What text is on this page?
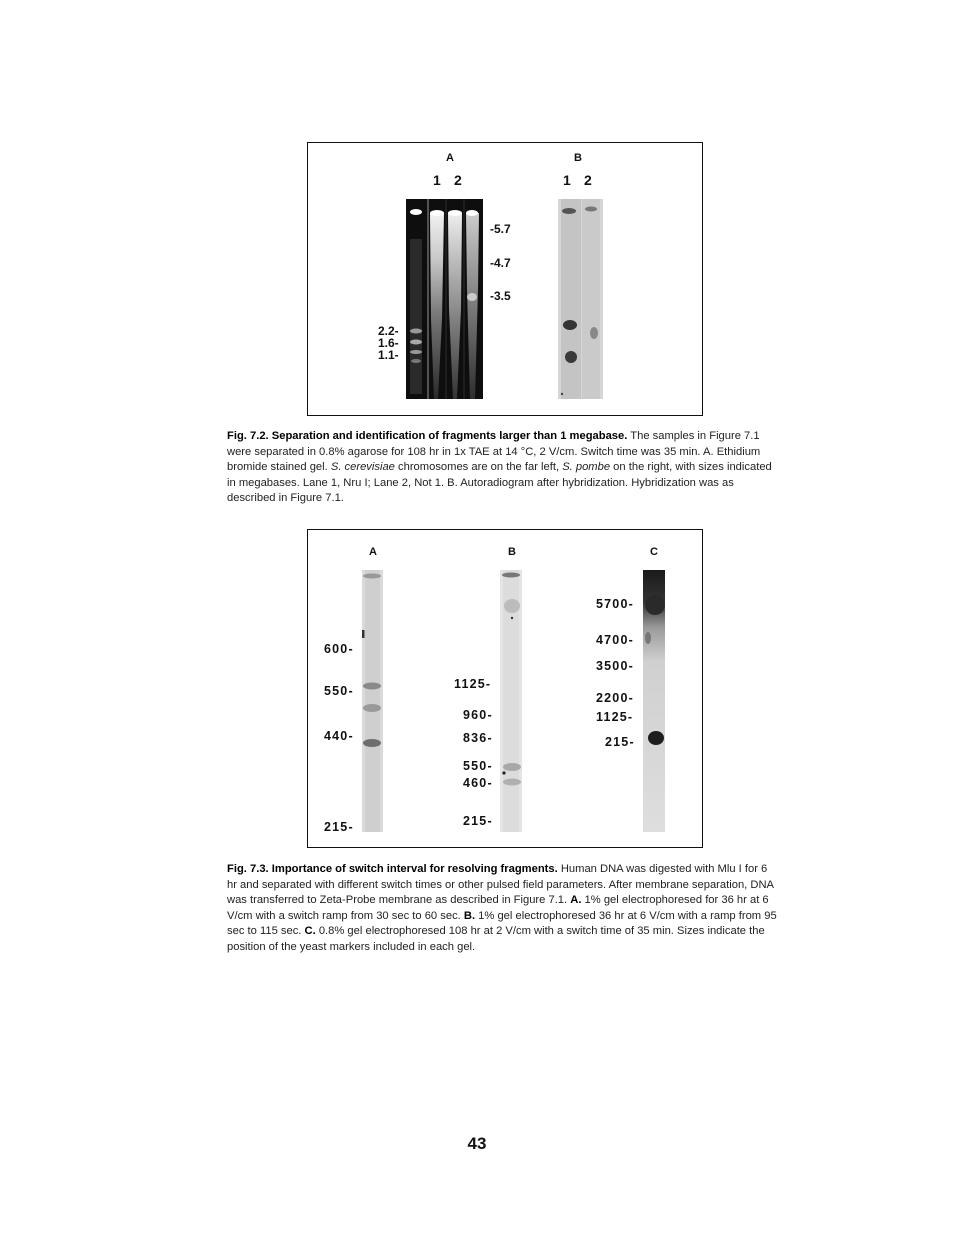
A	B
1 2	1 2
-5.7
-4.7
-3.5
2.2-
1.6-
1.1-
Fig. 7.2. Separation and identification of fragments larger than 1 megabase. The samples in Figure 7.1 were separated in 0.8% agarose for 108 hr in 1x TAE at 14 °C, 2 V/cm. Switch time was 35 min. A. Ethidium bromide stained gel. S. cerevisiae chromosomes are on the far left, S. pombe on the right, with sizes indicated in megabases. Lane 1, Nru I; Lane 2, Not 1. B. Autoradiogram after hybridization. Hybridization was as described in Figure 7.1.
A	B	C
600-
550-
440-
215-
1125-
960-
836-
550-
460-
215-
5700-
4700-
3500-
2200-
1125-
215-
Fig. 7.3. Importance of switch interval for resolving fragments. Human DNA was digested with Mlu I for 6 hr and separated with different switch times or other pulsed field parameters. After membrane separation, DNA was transferred to Zeta-Probe membrane as described in Figure 7.1. A. 1% gel electrophoresed for 36 hr at 6 V/cm with a switch ramp from 30 sec to 60 sec. B. 1% gel electrophoresed 36 hr at 6 V/cm with a ramp from 95 sec to 115 sec. C. 0.8% gel electrophoresed 108 hr at 2 V/cm with a switch time of 35 min. Sizes indicate the position of the yeast markers included in each gel.
43
